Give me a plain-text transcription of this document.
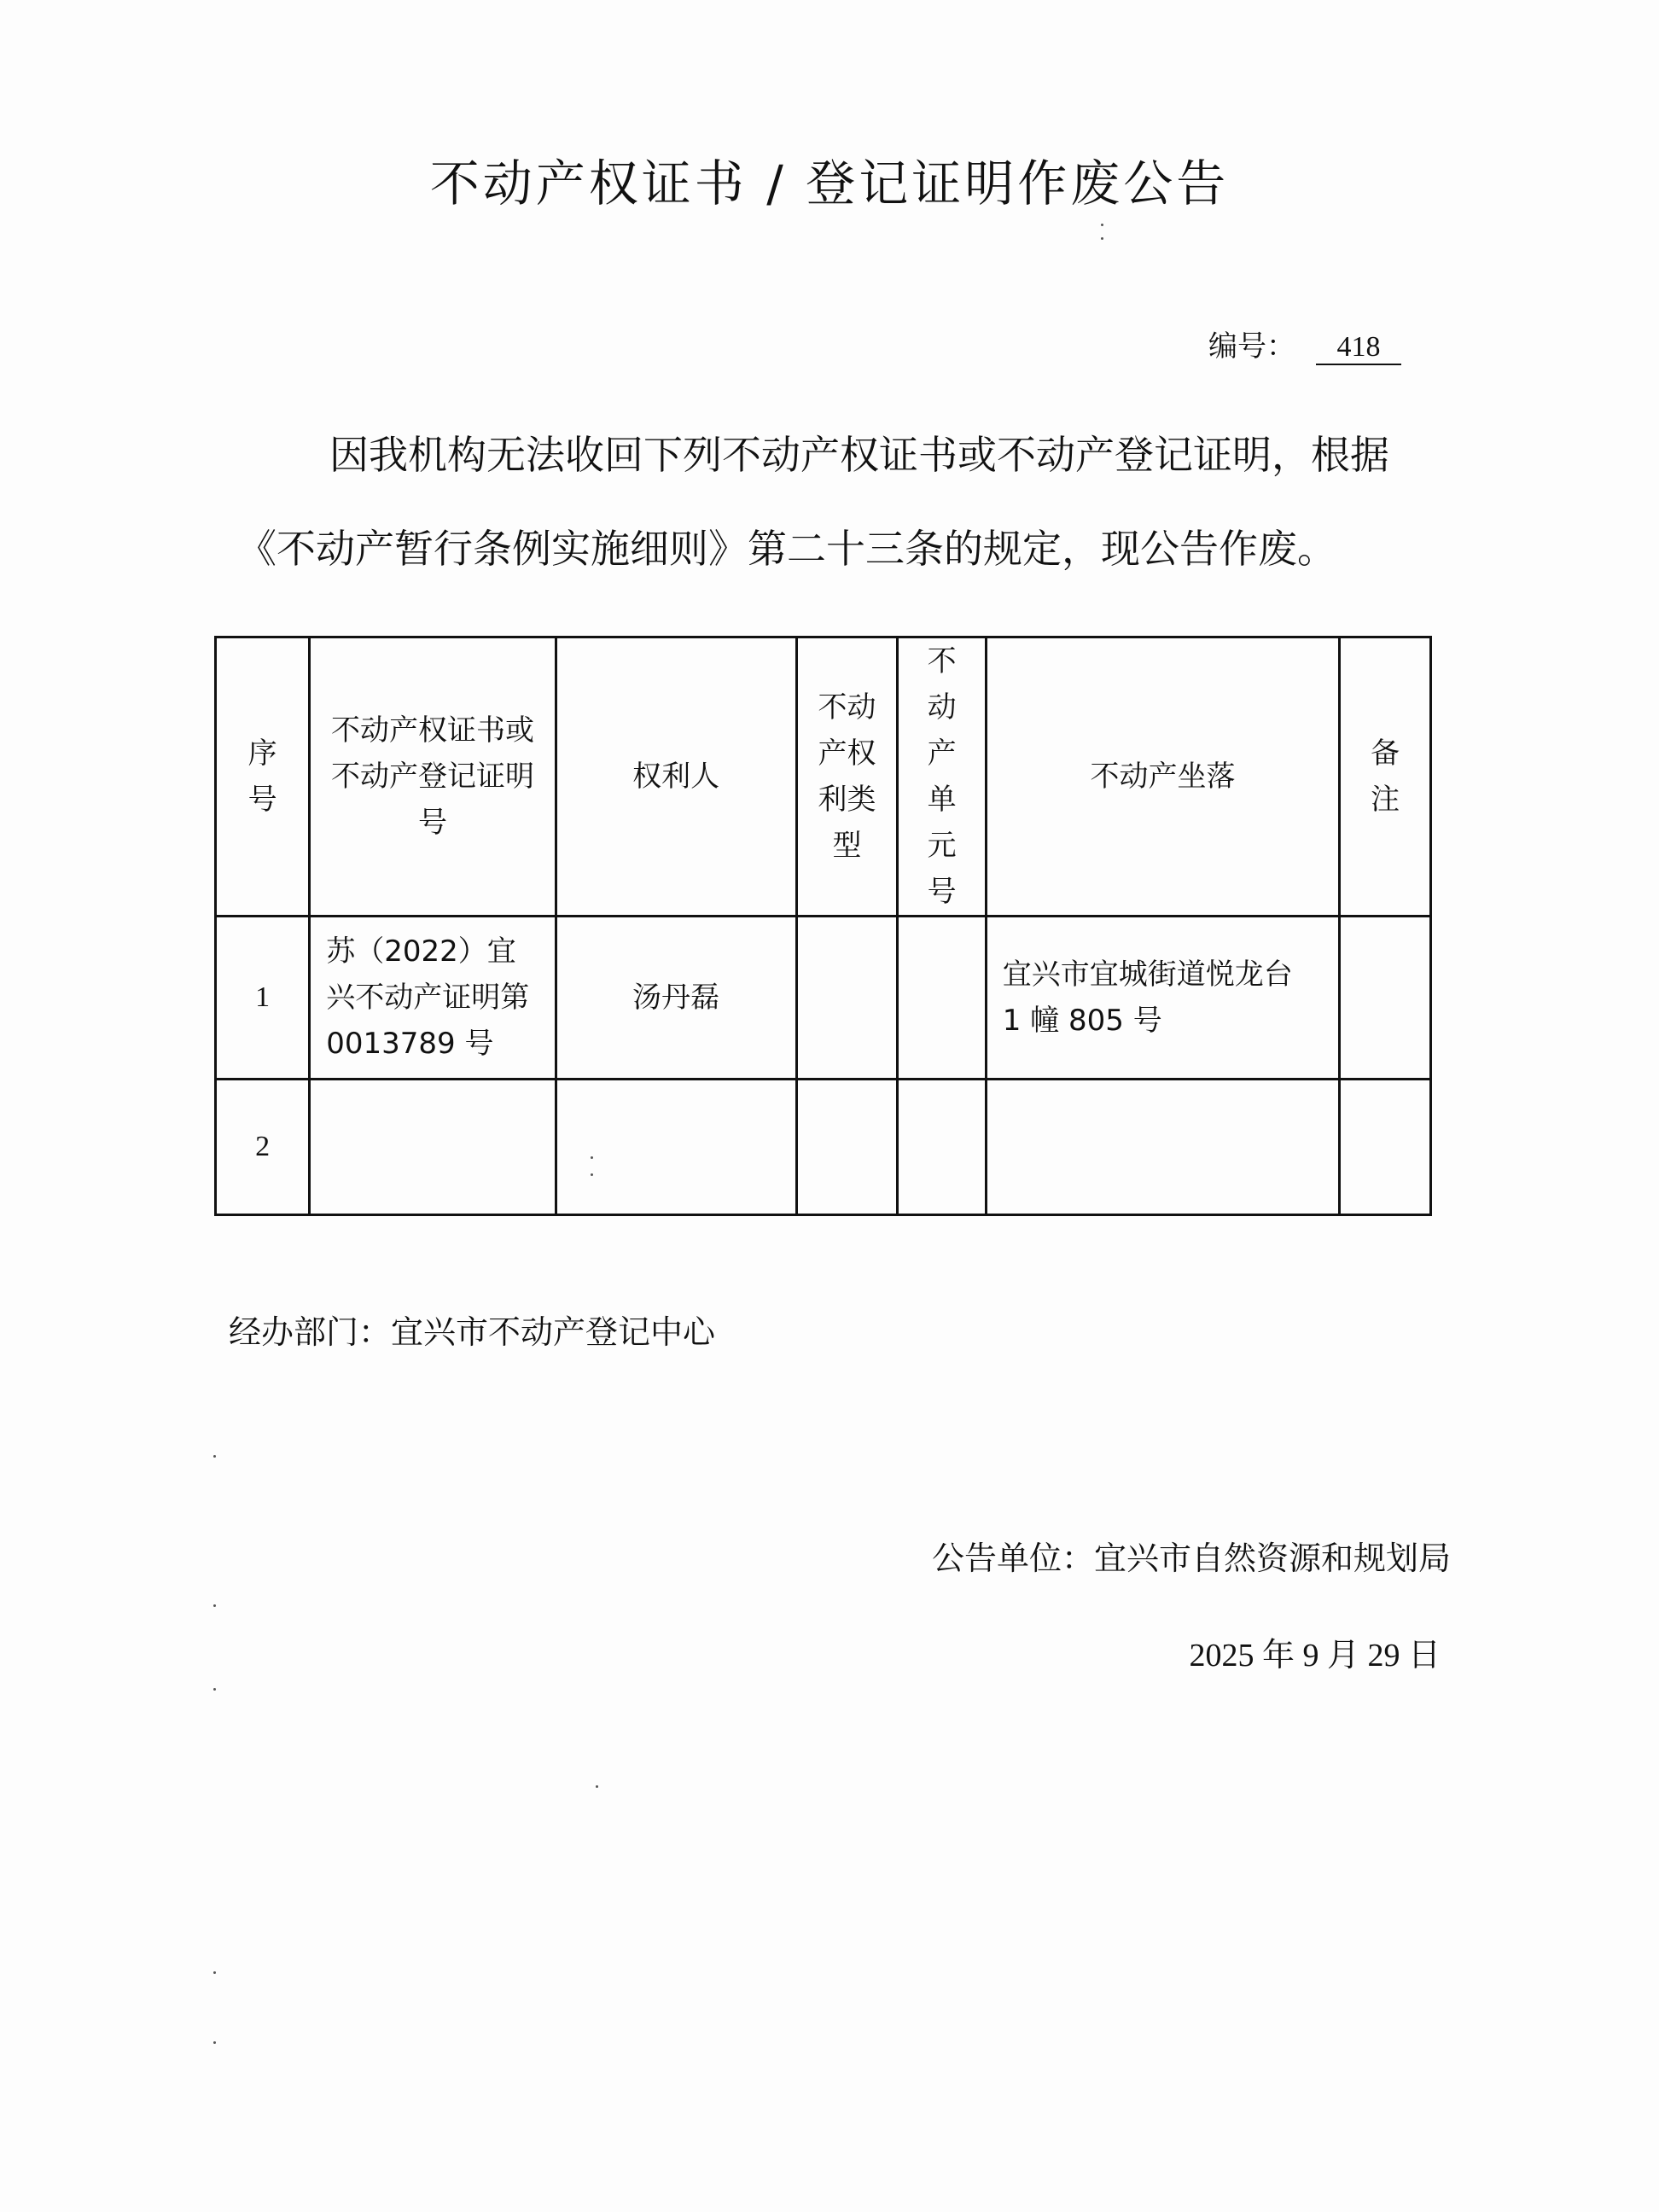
不动产权证书 / 登记证明作废公告
编号： 418
因我机构无法收回下列不动产权证书或不动产登记证明，根据
《不动产暂行条例实施细则》第二十三条的规定，现公告作废。
序号	不动产权证书或不动产登记证明号	权利人	不动产权利类型	不动产单元号	不动产坐落	备注
1	苏（2022）宜兴不动产证明第0013789 号	汤丹磊			宜兴市宜城街道悦龙台1 幢 805 号	
2						
经办部门：宜兴市不动产登记中心
公告单位：宜兴市自然资源和规划局
2025 年 9 月 29 日
